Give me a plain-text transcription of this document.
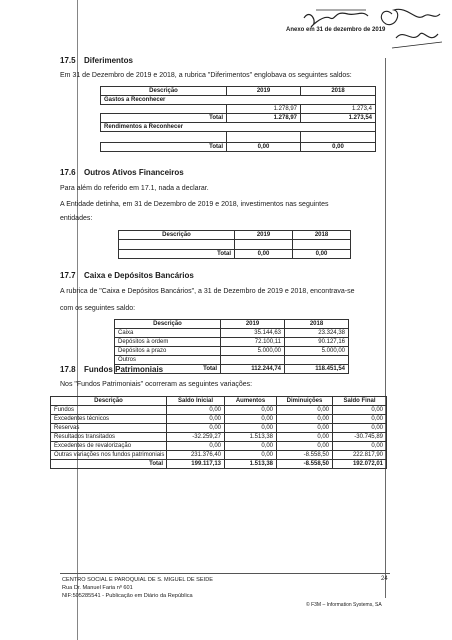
Anexo em 31 de dezembro de 2019
17.5 Diferimentos
Em 31 de Dezembro de 2019 e 2018, a rubrica "Diferimentos" englobava os seguintes saldos:
Descrição	2019	2018
Gastos a Reconhecer		
	1.278,97	1.273,4
Total	1.278,97	1.273,54
Rendimentos a Reconhecer		

Total	0,00	0,00
17.6 Outros Ativos Financeiros
Para além do referido em 17.1, nada a declarar.
A Entidade detinha, em 31 de Dezembro de 2019 e 2018, investimentos nas seguintes
entidades:
Descrição	2019	2018

Total	0,00	0,00
17.7 Caixa e Depósitos Bancários
A rubrica de "Caixa e Depósitos Bancários", a 31 de Dezembro de 2019 e 2018, encontrava-se
com os seguintes saldo:
Descrição	2019	2018
Caixa	35.144,63	23.324,38
Depósitos à ordem	72.100,11	90.127,16
Depósitos a prazo	5.000,00	5.000,00
Outros		
Total	112.244,74	118.451,54
17.8 Fundos Patrimoniais
Nos "Fundos Patrimoniais" ocorreram as seguintes variações:
Descrição	Saldo Inicial	Aumentos	Diminuições	Saldo Final
Fundos	0,00	0,00	0,00	0,00
Excedentes técnicos	0,00	0,00	0,00	0,00
Reservas	0,00	0,00	0,00	0,00
Resultados transitados	-32.259,27	1.513,38	0,00	-30.745,89
Excedentes de revalorização	0,00	0,00	0,00	0,00
Outras variações nos fundos patrimoniais	231.376,40	0,00	-8.558,50	222.817,90
Total	199.117,13	1.513,38	-8.558,50	192.072,01
CENTRO SOCIAL E PAROQUIAL DE S. MIGUEL DE SEIDE
Rua Dr. Manuel Faria nº 601
NIF:505285541 - Publicação em Diário da República
24
© F3M – Information Systems, SA
